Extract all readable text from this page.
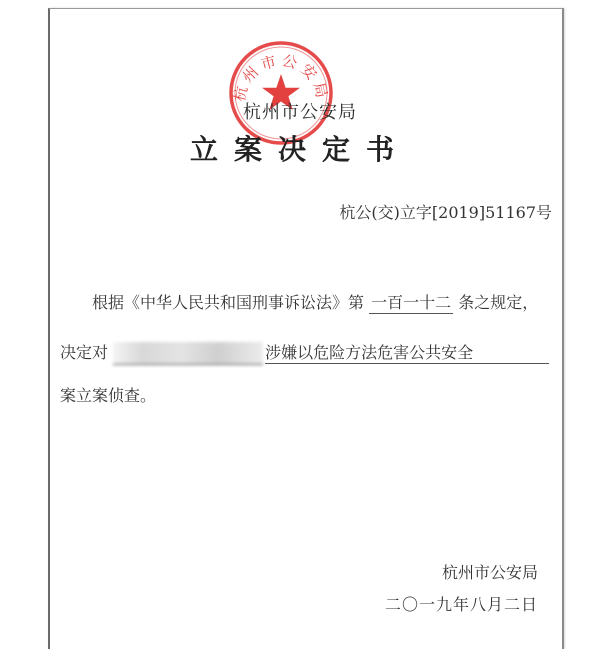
杭州市公安局
杭州市公安局
立案决定书
杭公(交)立字[2019]51167号
根据《中华人民共和国刑事诉讼法》第 一百一十二 条之规定，
决定对	涉嫌以危险方法危害公共安全
案立案侦查。
杭州市公安局
二〇一九年八月二日
